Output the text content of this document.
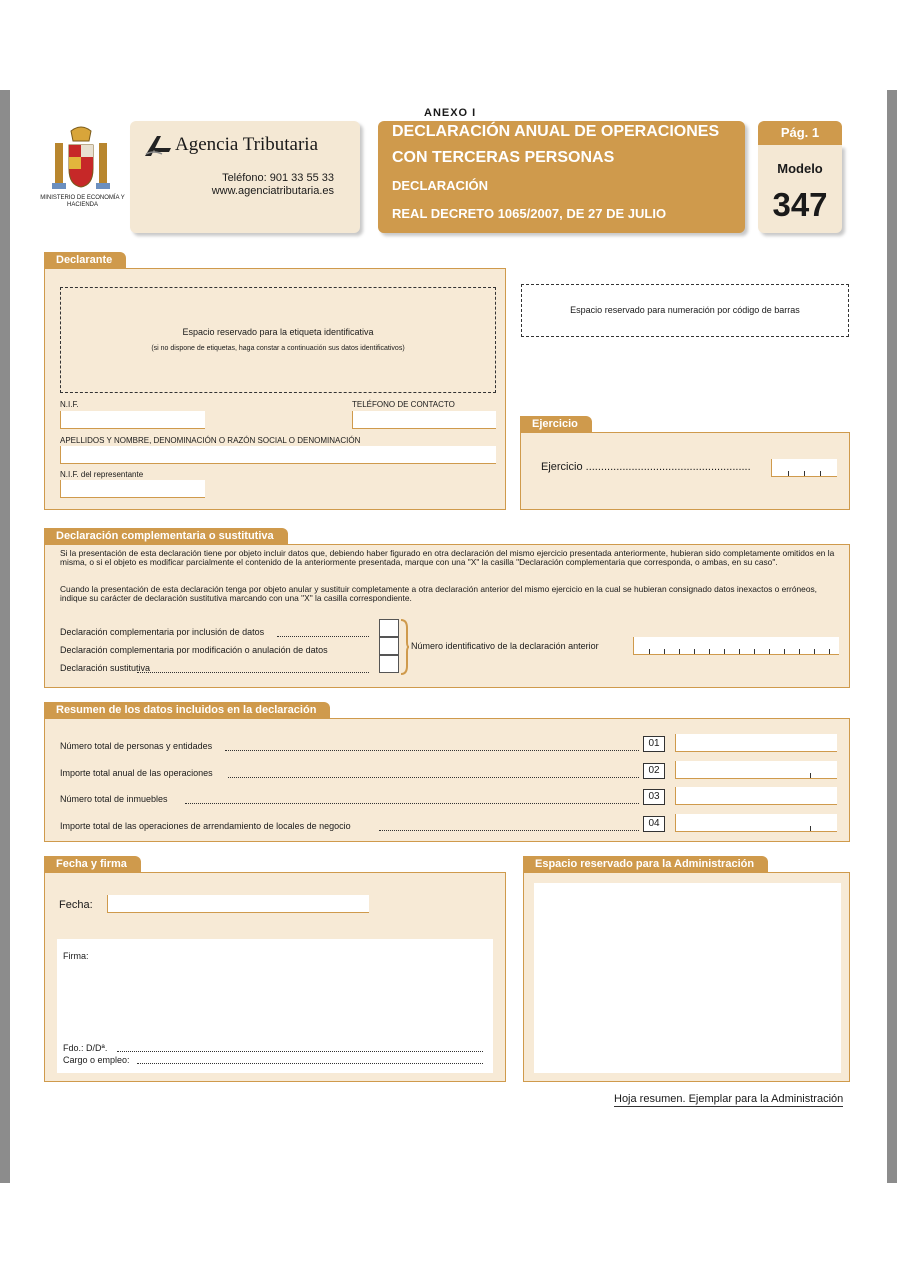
MINISTERIO DE ECONOMÍA Y HACIENDA
Agencia Tributaria
Teléfono: 901 33 55 33
www.agenciatributaria.es
ANEXO I
DECLARACIÓN ANUAL DE OPERACIONES
CON TERCERAS PERSONAS
DECLARACIÓN
REAL DECRETO 1065/2007, DE 27 DE JULIO
Pág. 1
Modelo
347
Declarante
Espacio reservado para la etiqueta identificativa
(si no dispone de etiquetas, haga constar a continuación sus datos identificativos)
N.I.F.	TELÉFONO DE CONTACTO
APELLIDOS Y NOMBRE, DENOMINACIÓN O RAZÓN SOCIAL O DENOMINACIÓN
N.I.F. del representante
Espacio reservado para numeración por código de barras
Ejercicio
Ejercicio ......................................................
Declaración complementaria o sustitutiva
Si la presentación de esta declaración tiene por objeto incluir datos que, debiendo haber figurado en otra declaración del mismo ejercicio presentada anteriormente, hubieran sido completamente omitidos en la misma, o si el objeto es modificar parcialmente el contenido de la anteriormente presentada, marque con una "X" la casilla "Declaración complementaria que corresponda, o ambas, en su caso".
Cuando la presentación de esta declaración tenga por objeto anular y sustituir completamente a otra declaración anterior del mismo ejercicio en la cual se hubieran consignado datos inexactos o erróneos, indique su carácter de declaración sustitutiva marcando con una "X" la casilla correspondiente.
Declaración complementaria por inclusión de datos
Declaración complementaria por modificación o anulación de datos
Declaración sustitutiva
Número identificativo de la declaración anterior
Resumen de los datos incluidos en la declaración
Número total de personas y entidades	01
Importe total anual de las operaciones	02
Número total de inmuebles	03
Importe total de las operaciones de arrendamiento de locales de negocio	04
Fecha y firma
Fecha:
Firma:
Fdo.: D/Dª.
Cargo o empleo:
Espacio reservado para la Administración
Hoja resumen. Ejemplar para la Administración
